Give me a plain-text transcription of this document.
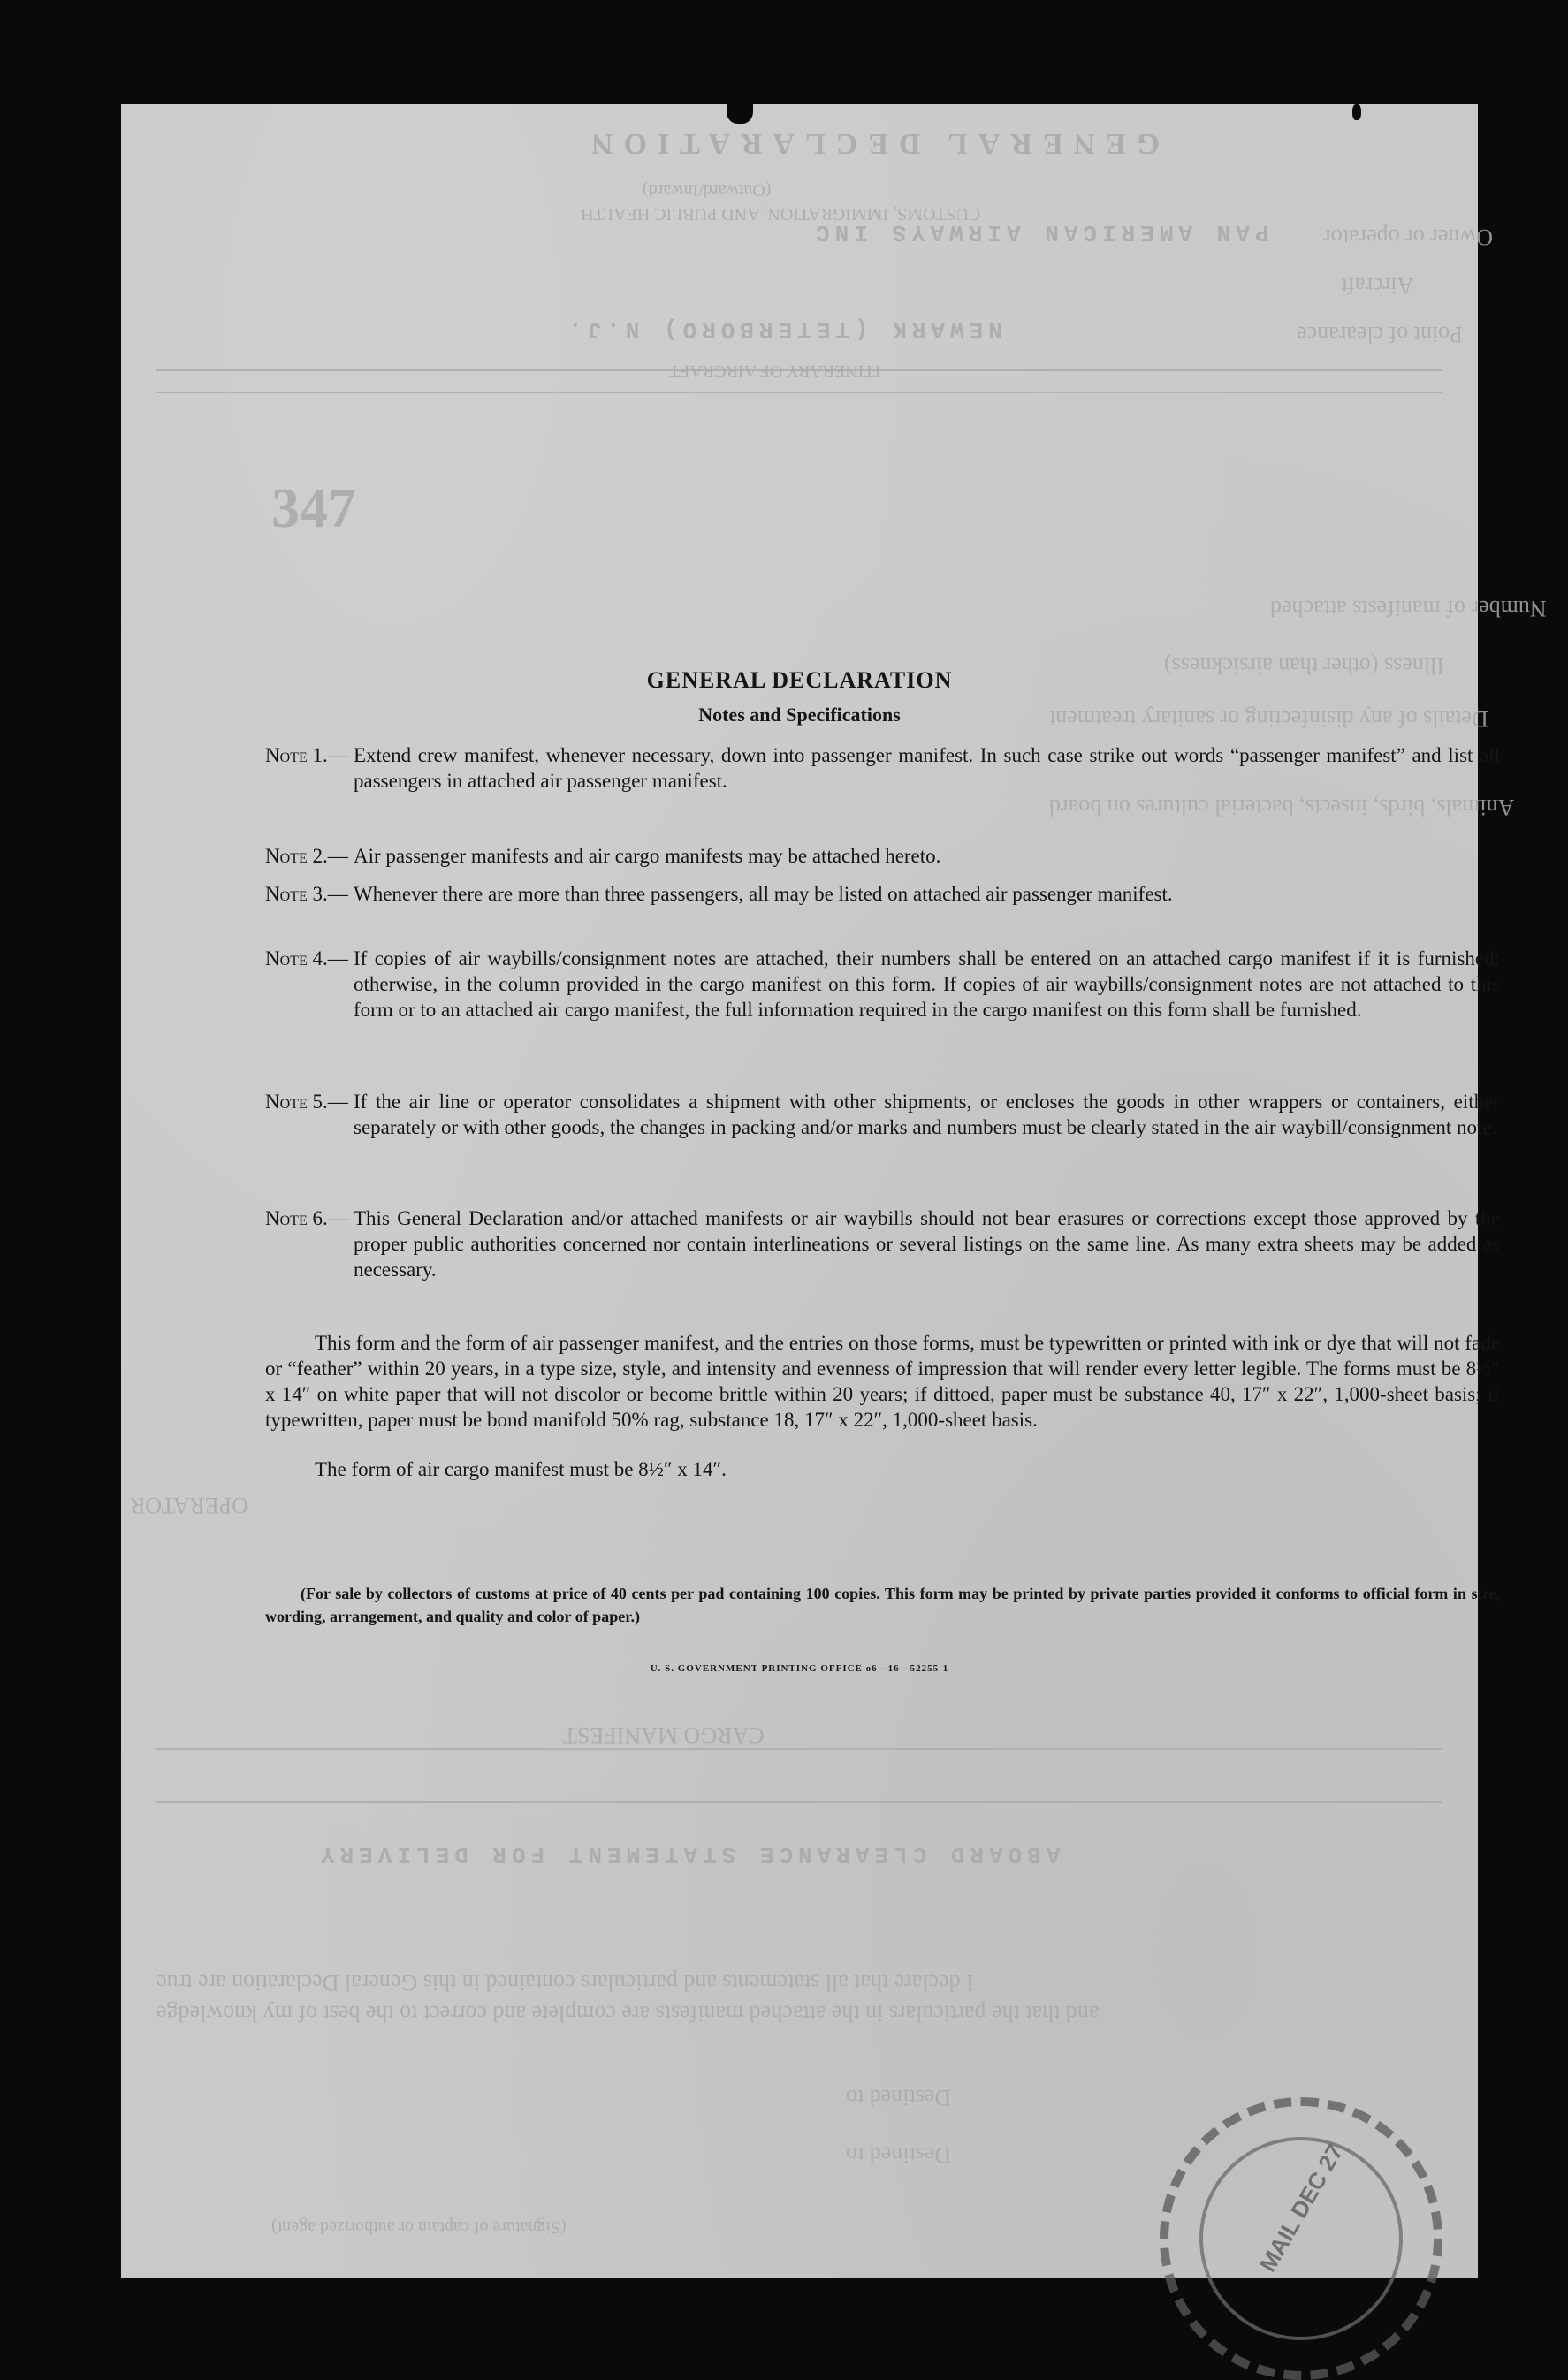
GENERAL DECLARATION
(Outward/Inward)
CUSTOMS, IMMIGRATION, AND PUBLIC HEALTH
Owner or operator
Aircraft
Point of clearance
PAN AMERICAN AIRWAYS INC
NEWARK (TETERBORO) N.J.
ITINERARY OF AIRCRAFT
347
Number of manifests attached
Illness (other than airsickness)
Details of any disinfecting or sanitary treatment
Animals, birds, insects, bacterial cultures on board
OPERATOR
CARGO MANIFEST
ABOARD CLEARANCE STATEMENT FOR DELIVERY
I declare that all statements and particulars contained in this General Declaration are true
and that the particulars in the attached manifests are complete and correct to the best of my knowledge
Destined to
Destined to
(Signature of captain or authorized agent)	MAIL DEC 27
GENERAL DECLARATION
Notes and Specifications
Note 1.— Extend crew manifest, whenever necessary, down into passenger manifest. In such case strike out words “passenger manifest” and list all passengers in attached air passenger manifest.
Note 2.— Air passenger manifests and air cargo manifests may be attached hereto.
Note 3.— Whenever there are more than three passengers, all may be listed on attached air passenger manifest.
Note 4.— If copies of air waybills/consignment notes are attached, their numbers shall be entered on an attached cargo manifest if it is furnished; otherwise, in the column provided in the cargo manifest on this form. If copies of air waybills/consignment notes are not attached to this form or to an attached air cargo manifest, the full information required in the cargo manifest on this form shall be furnished.
Note 5.— If the air line or operator consolidates a shipment with other shipments, or encloses the goods in other wrappers or containers, either separately or with other goods, the changes in packing and/or marks and numbers must be clearly stated in the air waybill/consignment note.
Note 6.— This General Declaration and/or attached manifests or air waybills should not bear erasures or corrections except those approved by the proper public authorities concerned nor contain interlineations or several listings on the same line. As many extra sheets may be added as necessary.
This form and the form of air passenger manifest, and the entries on those forms, must be typewritten or printed with ink or dye that will not fade or “feather” within 20 years, in a type size, style, and intensity and evenness of impression that will render every letter legible. The forms must be 8½″ x 14″ on white paper that will not discolor or become brittle within 20 years; if dittoed, paper must be substance 40, 17″ x 22″, 1,000-sheet basis; if typewritten, paper must be bond manifold 50% rag, substance 18, 17″ x 22″, 1,000-sheet basis.
The form of air cargo manifest must be 8½″ x 14″.
(For sale by collectors of customs at price of 40 cents per pad containing 100 copies. This form may be printed by private parties provided it conforms to official form in size, wording, arrangement, and quality and color of paper.)
U. S. GOVERNMENT PRINTING OFFICE o6—16—52255-1
